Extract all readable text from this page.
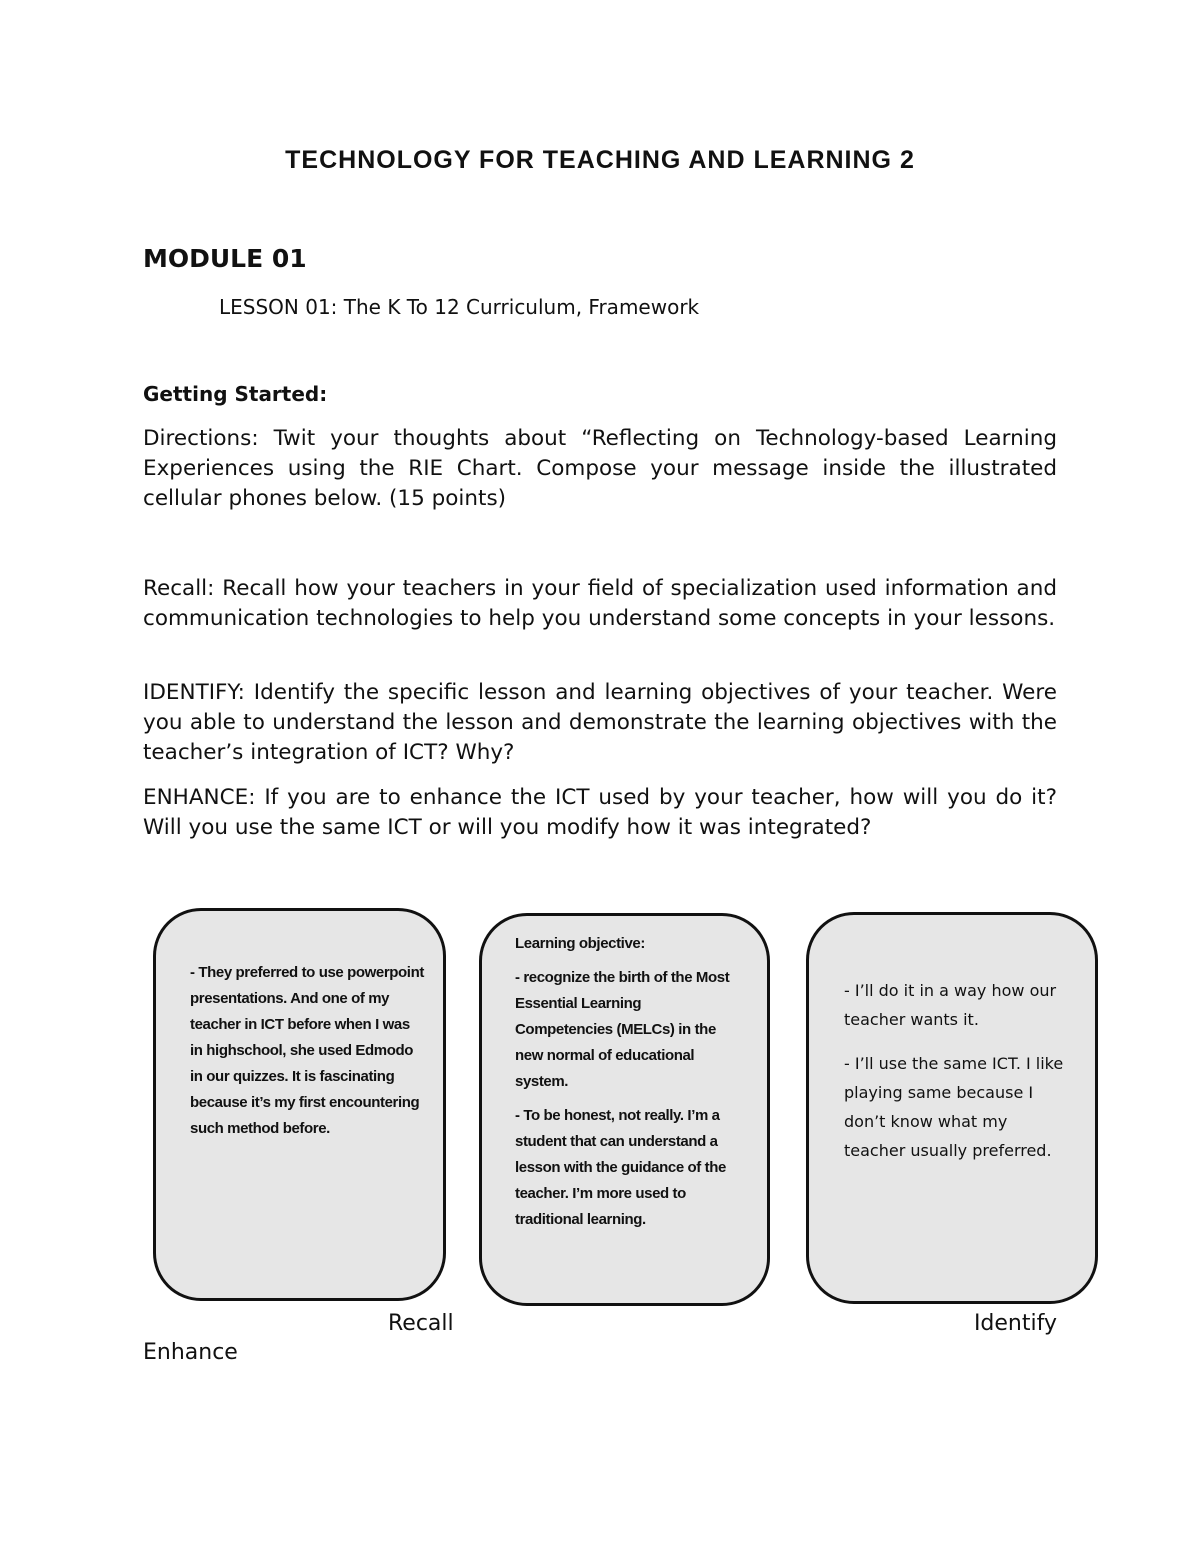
TECHNOLOGY FOR TEACHING AND LEARNING 2
MODULE 01
LESSON 01: The K To 12 Curriculum, Framework
Getting Started:
Directions: Twit your thoughts about “Reflecting on Technology-based Learning Experiences using the RIE Chart. Compose your message inside the illustrated cellular phones below. (15 points)
Recall: Recall how your teachers in your field of specialization used information and communication technologies to help you understand some concepts in your lessons.
IDENTIFY: Identify the specific lesson and learning objectives of your teacher. Were you able to understand the lesson and demonstrate the learning objectives with the teacher’s integration of ICT? Why?
ENHANCE: If you are to enhance the ICT used by your teacher, how will you do it? Will you use the same ICT or will you modify how it was integrated?

- They preferred to use powerpoint presentations. And one of my teacher in ICT before when I was in highschool, she used Edmodo in our quizzes. It is fascinating because it’s my first encountering such method before.

Learning objective:

- recognize the birth of the Most Essential Learning Competencies (MELCs) in the new normal of educational system.

- To be honest, not really. I’m a student that can understand a lesson with the guidance of the teacher. I’m more used to traditional learning.

- I’ll do it in a way how our teacher wants it.

- I’ll use the same ICT. I like playing same because I don’t know what my teacher usually preferred.

Recall	Identify
Enhance
